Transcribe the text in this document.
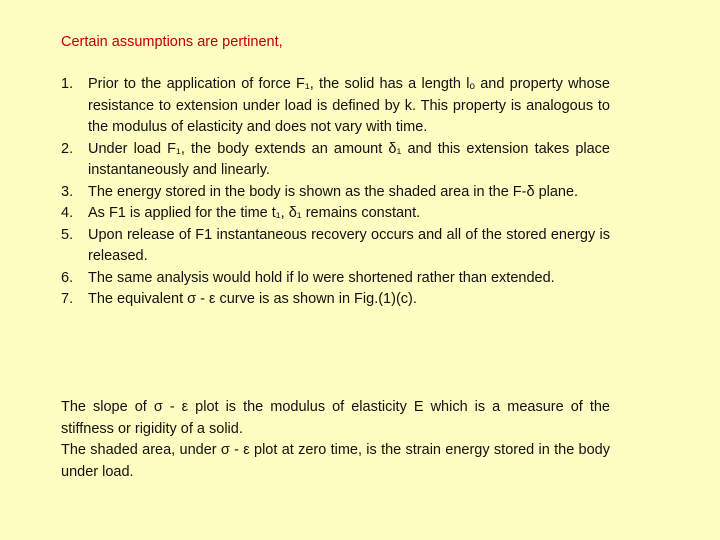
Certain assumptions are pertinent,
1. Prior to the application of force F₁, the solid has a length lₒ and property whose resistance to extension under load is defined by k. This property is analogous to the modulus of elasticity and does not vary with time.
2. Under load F₁, the body extends an amount δ₁ and this extension takes place instantaneously and linearly.
3. The energy stored in the body is shown as the shaded area in the F-δ plane.
4. As F1 is applied for the time t₁, δ₁ remains constant.
5. Upon release of F1 instantaneous recovery occurs and all of the stored energy is released.
6. The same analysis would hold if lo were shortened rather than extended.
7. The equivalent σ - ε curve is as shown in Fig.(1)(c).

The slope of σ - ε plot is the modulus of elasticity E which is a measure of the stiffness or rigidity of a solid.

The shaded area, under σ - ε plot at zero time, is the strain energy stored in the body under load.
